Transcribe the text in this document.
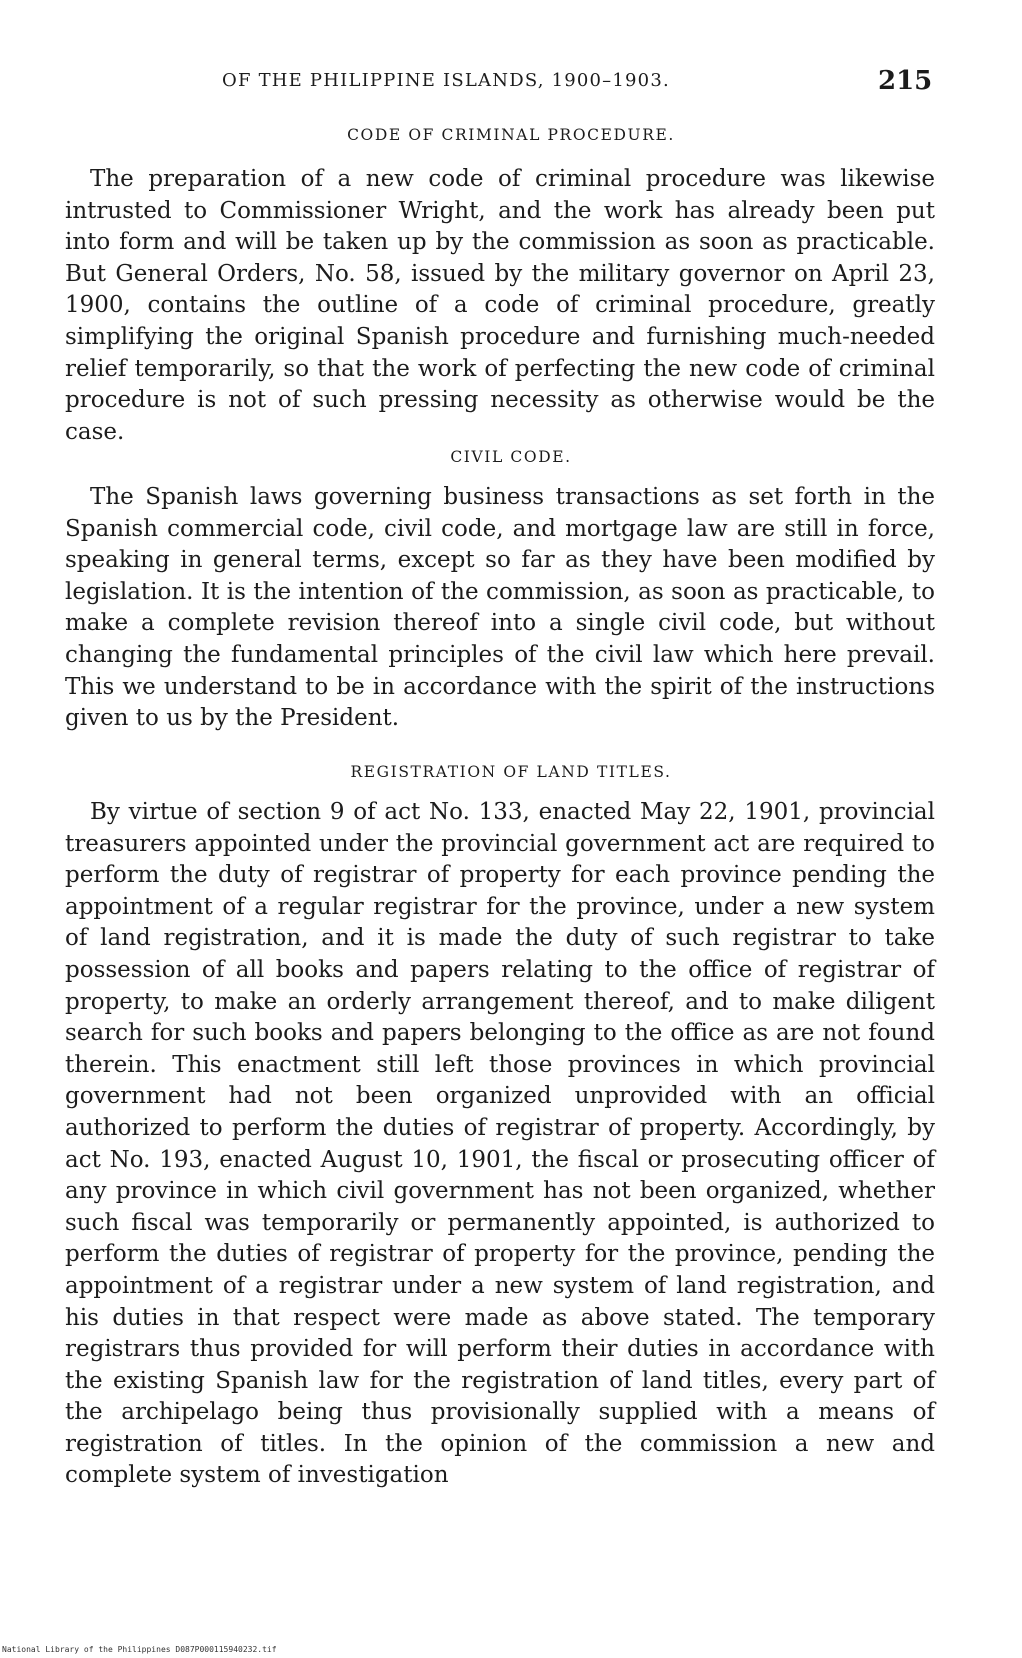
OF THE PHILIPPINE ISLANDS, 1900–1903.	215
CODE OF CRIMINAL PROCEDURE.

The preparation of a new code of criminal procedure was likewise intrusted to Commissioner Wright, and the work has already been put into form and will be taken up by the commission as soon as practicable. But General Orders, No. 58, issued by the military governor on April 23, 1900, contains the outline of a code of criminal procedure, greatly simplifying the original Spanish procedure and furnishing much-needed relief temporarily, so that the work of perfecting the new code of criminal procedure is not of such pressing necessity as otherwise would be the case.

CIVIL CODE.

The Spanish laws governing business transactions as set forth in the Spanish commercial code, civil code, and mortgage law are still in force, speaking in general terms, except so far as they have been modified by legislation. It is the intention of the commission, as soon as practicable, to make a complete revision thereof into a single civil code, but without changing the fundamental principles of the civil law which here prevail. This we understand to be in accordance with the spirit of the instructions given to us by the President.

REGISTRATION OF LAND TITLES.

By virtue of section 9 of act No. 133, enacted May 22, 1901, provincial treasurers appointed under the provincial government act are required to perform the duty of registrar of property for each province pending the appointment of a regular registrar for the province, under a new system of land registration, and it is made the duty of such registrar to take possession of all books and papers relating to the office of registrar of property, to make an orderly arrangement thereof, and to make diligent search for such books and papers belonging to the office as are not found therein. This enactment still left those provinces in which provincial government had not been organized unprovided with an official authorized to perform the duties of registrar of property. Accordingly, by act No. 193, enacted August 10, 1901, the fiscal or prosecuting officer of any province in which civil government has not been organized, whether such fiscal was temporarily or permanently appointed, is authorized to perform the duties of registrar of property for the province, pending the appointment of a registrar under a new system of land registration, and his duties in that respect were made as above stated. The temporary registrars thus provided for will perform their duties in accordance with the existing Spanish law for the registration of land titles, every part of the archipelago being thus provisionally supplied with a means of registration of titles. In the opinion of the commission a new and complete system of investigation

National Library of the Philippines D087P000115940232.tif
